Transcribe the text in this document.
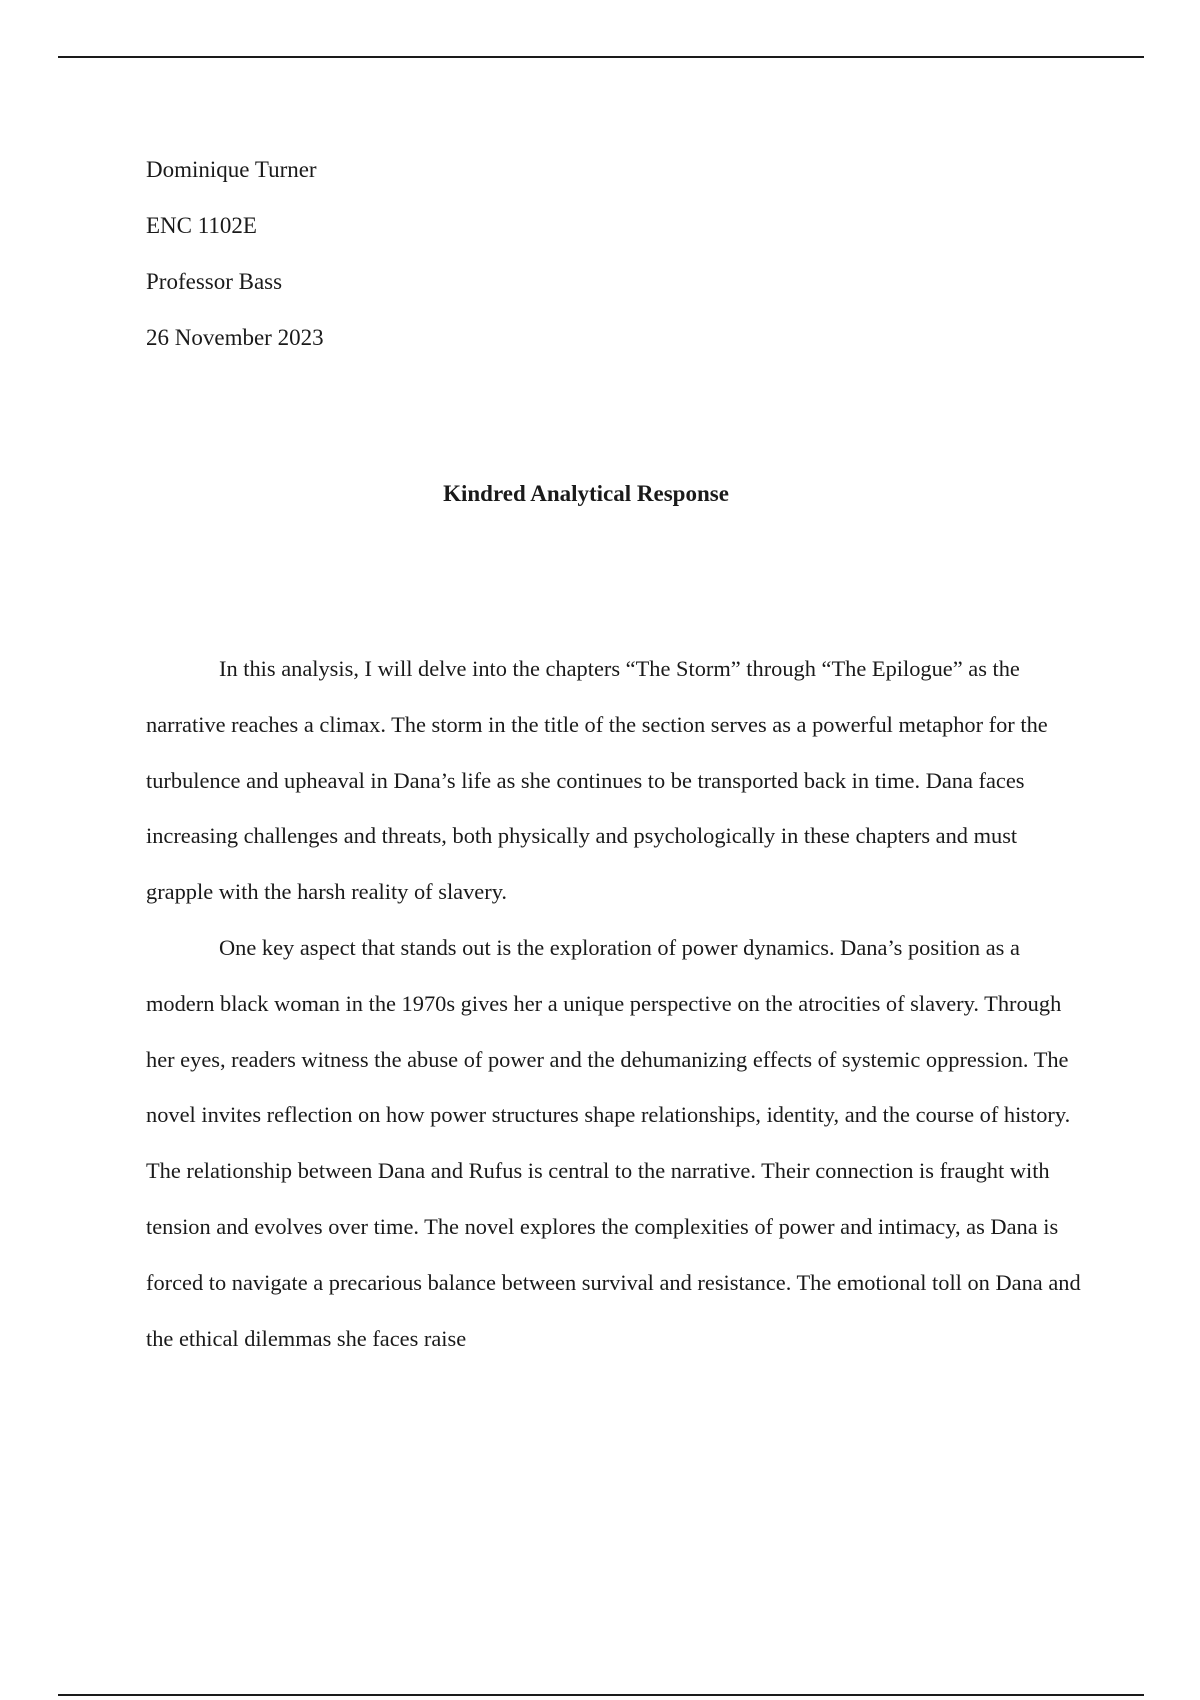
Dominique Turner
ENC 1102E
Professor Bass
26 November 2023
Kindred Analytical Response

In this analysis, I will delve into the chapters “The Storm” through “The Epilogue” as the narrative reaches a climax. The storm in the title of the section serves as a powerful metaphor for the turbulence and upheaval in Dana’s life as she continues to be transported back in time. Dana faces increasing challenges and threats, both physically and psychologically in these chapters and must grapple with the harsh reality of slavery.

One key aspect that stands out is the exploration of power dynamics. Dana’s position as a modern black woman in the 1970s gives her a unique perspective on the atrocities of slavery. Through her eyes, readers witness the abuse of power and the dehumanizing effects of systemic oppression. The novel invites reflection on how power structures shape relationships, identity, and the course of history. The relationship between Dana and Rufus is central to the narrative. Their connection is fraught with tension and evolves over time. The novel explores the complexities of power and intimacy, as Dana is forced to navigate a precarious balance between survival and resistance. The emotional toll on Dana and the ethical dilemmas she faces raise
